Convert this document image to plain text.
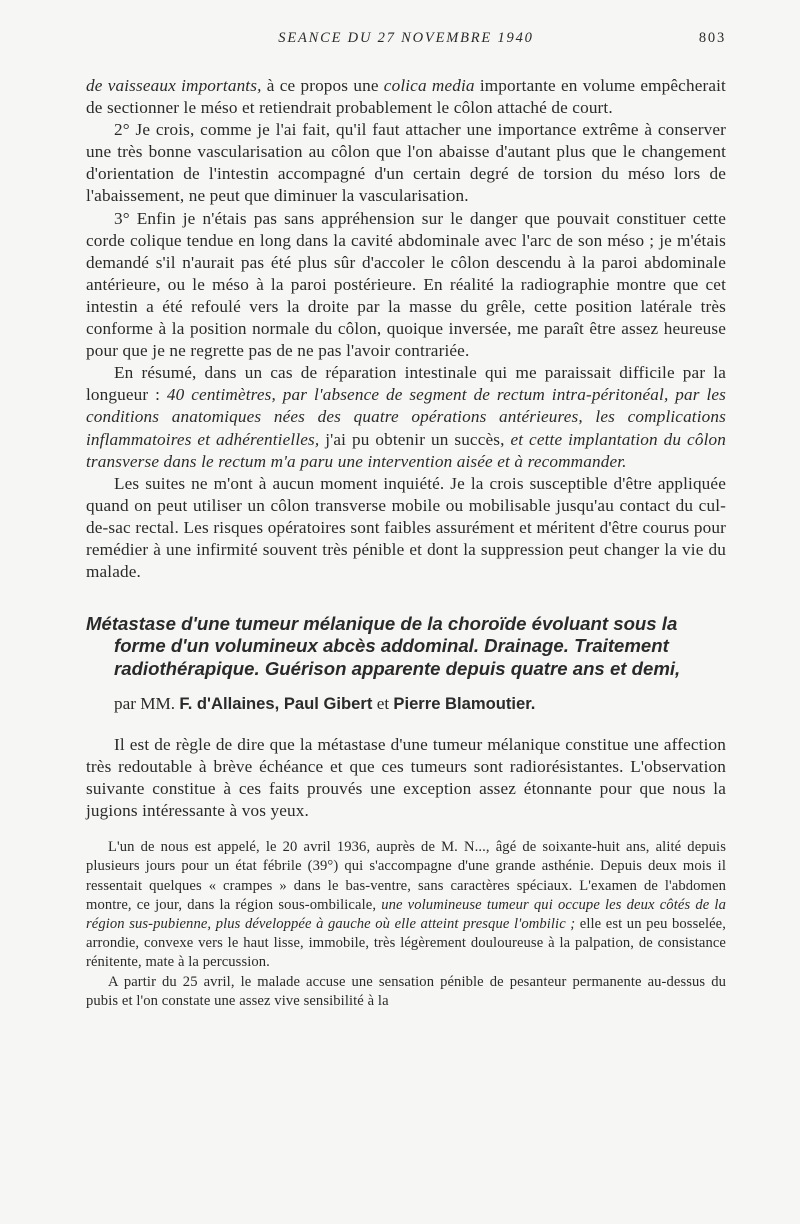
SEANCE DU 27 NOVEMBRE 1940	803

de vaisseaux importants, à ce propos une colica media importante en volume empêcherait de sectionner le méso et retiendrait probablement le côlon attaché de court.

2° Je crois, comme je l'ai fait, qu'il faut attacher une importance extrême à conserver une très bonne vascularisation au côlon que l'on abaisse d'autant plus que le changement d'orientation de l'intestin accompagné d'un certain degré de torsion du méso lors de l'abaissement, ne peut que diminuer la vascularisation.

3° Enfin je n'étais pas sans appréhension sur le danger que pouvait constituer cette corde colique tendue en long dans la cavité abdominale avec l'arc de son méso ; je m'étais demandé s'il n'aurait pas été plus sûr d'accoler le côlon descendu à la paroi abdominale antérieure, ou le méso à la paroi postérieure. En réalité la radiographie montre que cet intestin a été refoulé vers la droite par la masse du grêle, cette position latérale très conforme à la position normale du côlon, quoique inversée, me paraît être assez heureuse pour que je ne regrette pas de ne pas l'avoir contrariée.

En résumé, dans un cas de réparation intestinale qui me paraissait difficile par la longueur : 40 centimètres, par l'absence de segment de rectum intra-péritonéal, par les conditions anatomiques nées des quatre opérations antérieures, les complications inflammatoires et adhérentielles, j'ai pu obtenir un succès, et cette implantation du côlon transverse dans le rectum m'a paru une intervention aisée et à recommander.

Les suites ne m'ont à aucun moment inquiété. Je la crois susceptible d'être appliquée quand on peut utiliser un côlon transverse mobile ou mobilisable jusqu'au contact du cul-de-sac rectal. Les risques opératoires sont faibles assurément et méritent d'être courus pour remédier à une infirmité souvent très pénible et dont la suppression peut changer la vie du malade.

Métastase d'une tumeur mélanique de la choroïde évoluant sous la forme d'un volumineux abcès addominal. Drainage. Traitement radiothérapique. Guérison apparente depuis quatre ans et demi,
par MM. F. d'Allaines, Paul Gibert et Pierre Blamoutier.

Il est de règle de dire que la métastase d'une tumeur mélanique constitue une affection très redoutable à brève échéance et que ces tumeurs sont radiorésistantes. L'observation suivante constitue à ces faits prouvés une exception assez étonnante pour que nous la jugions intéressante à vos yeux.

L'un de nous est appelé, le 20 avril 1936, auprès de M. N..., âgé de soixante-huit ans, alité depuis plusieurs jours pour un état fébrile (39°) qui s'accompagne d'une grande asthénie. Depuis deux mois il ressentait quelques « crampes » dans le bas-ventre, sans caractères spéciaux. L'examen de l'abdomen montre, ce jour, dans la région sous-ombilicale, une volumineuse tumeur qui occupe les deux côtés de la région sus-pubienne, plus développée à gauche où elle atteint presque l'ombilic ; elle est un peu bosselée, arrondie, convexe vers le haut lisse, immobile, très légèrement douloureuse à la palpation, de consistance rénitente, mate à la percussion.

A partir du 25 avril, le malade accuse une sensation pénible de pesanteur permanente au-dessus du pubis et l'on constate une assez vive sensibilité à la
